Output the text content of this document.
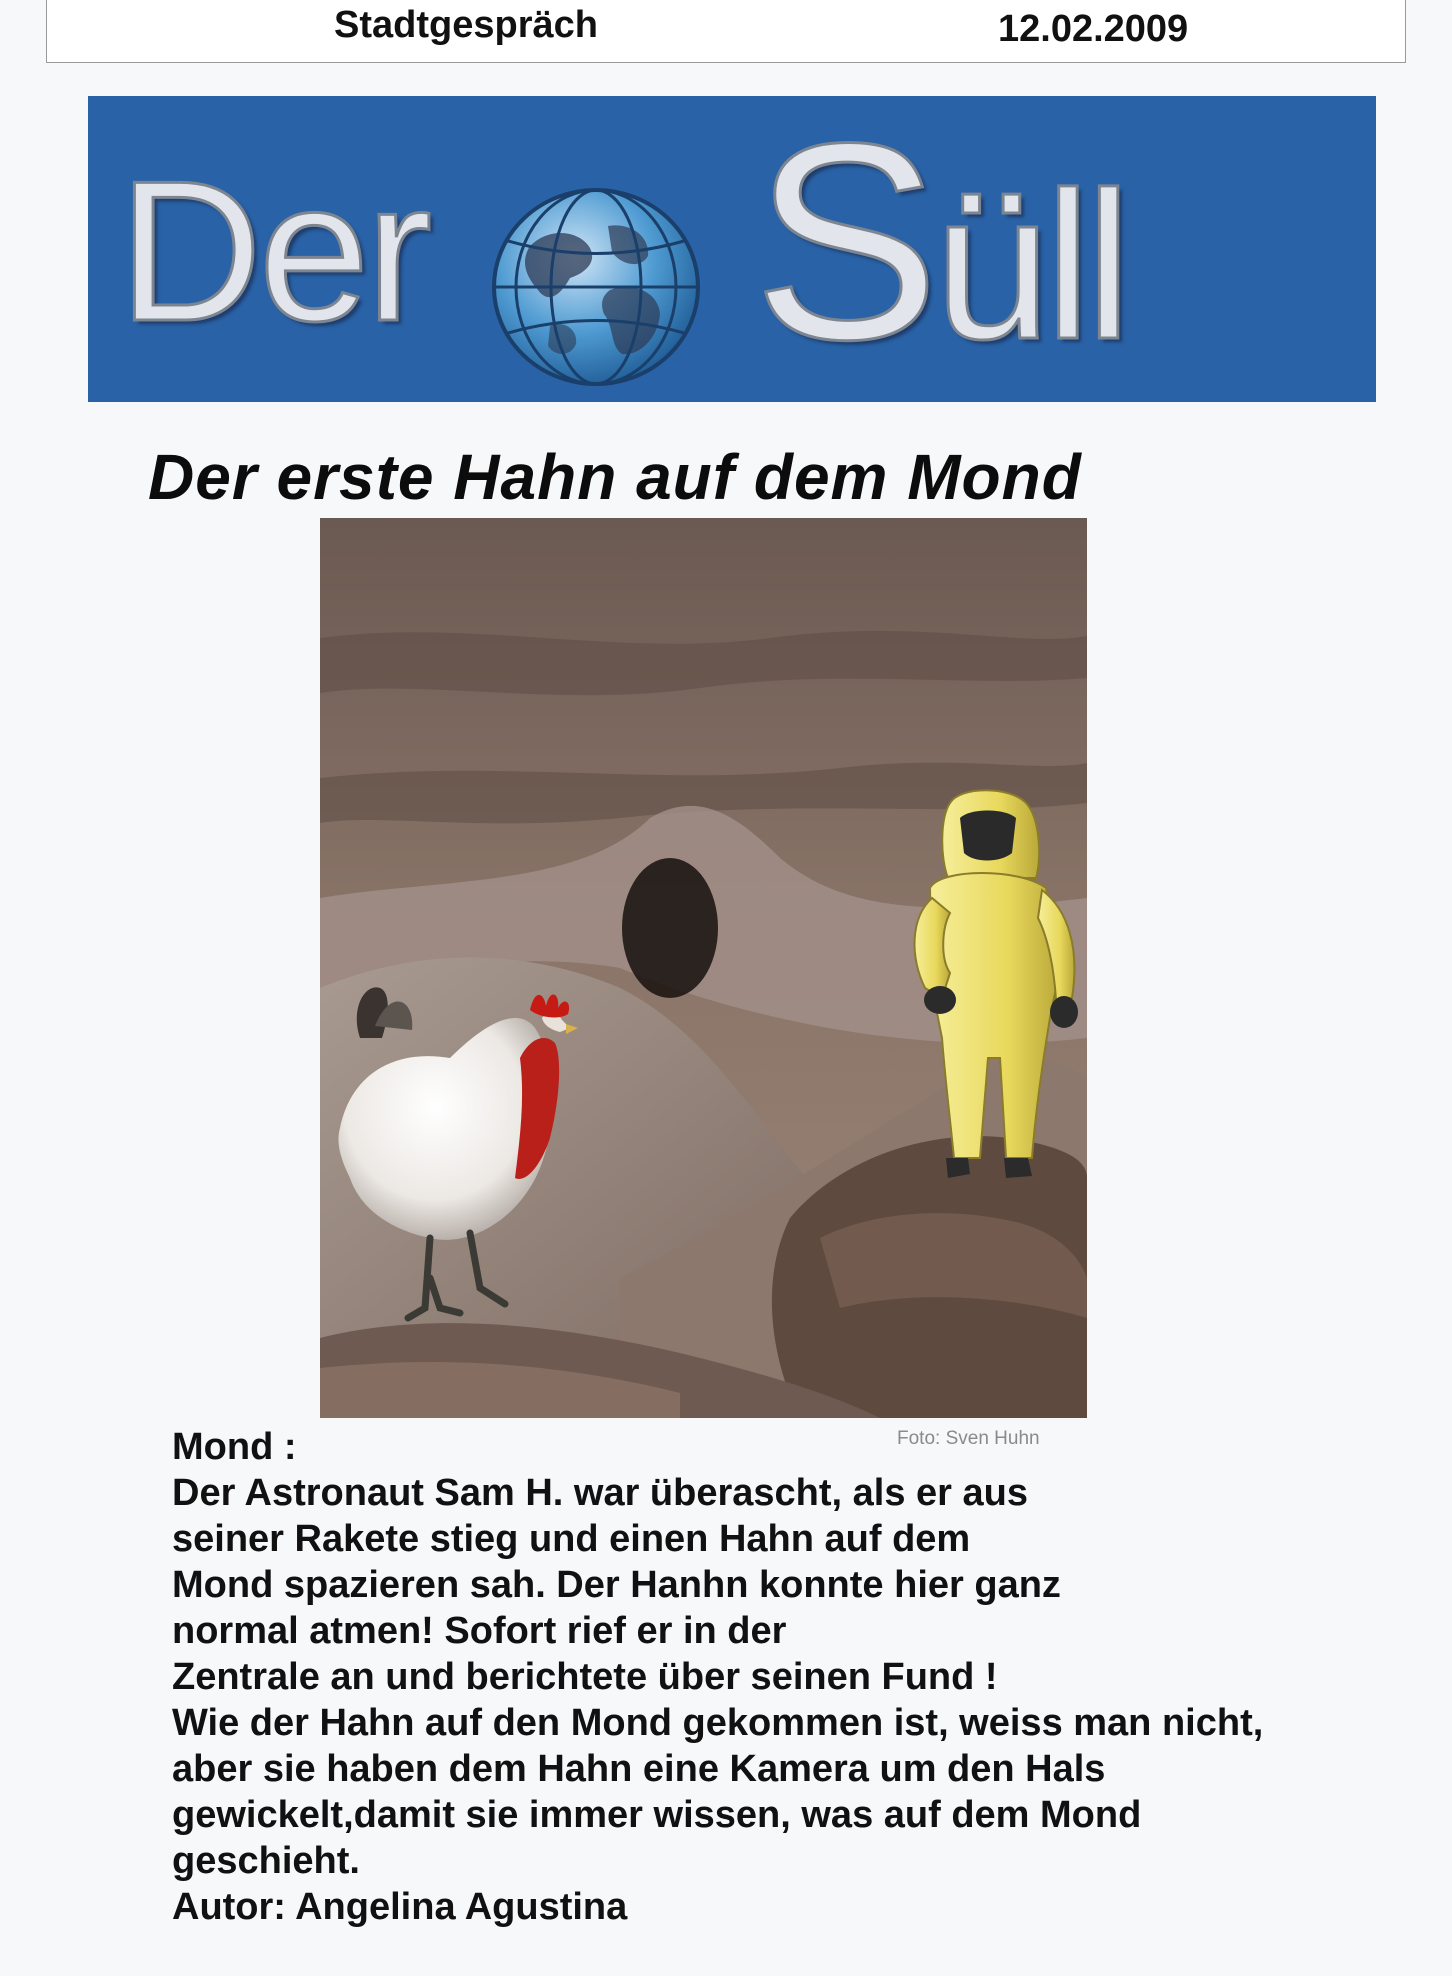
Stadtgespräch	12.02.2009
Der Süll
Der erste Hahn auf dem Mond
Foto: Sven Huhn
Mond :
Der Astronaut Sam H. war überascht, als er aus
seiner Rakete stieg und einen Hahn auf dem
Mond spazieren sah. Der Hanhn konnte hier ganz
normal atmen! Sofort rief er in der
Zentrale an und berichtete über seinen Fund !
Wie der Hahn auf den Mond gekommen ist, weiss man nicht,
aber sie haben dem Hahn eine Kamera um den Hals
gewickelt,damit sie immer wissen, was auf dem Mond
geschieht.
Autor: Angelina Agustina
